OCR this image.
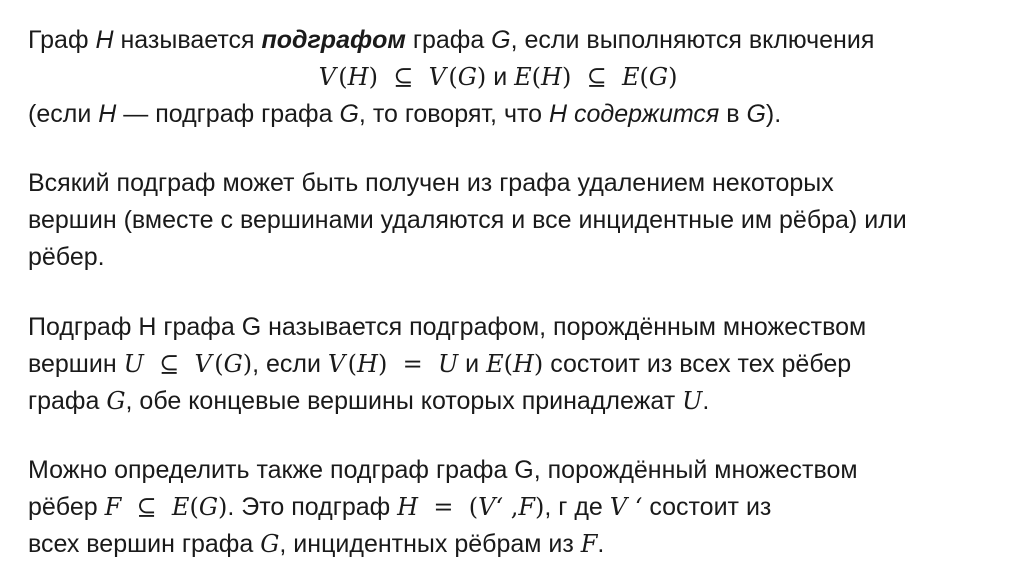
Граф H называется подграфом графа G, если выполняются включения
V (H)  ⊆ V (G) и E(H)  ⊆ E(G)
(если H — подграф графа G, то говорят, что H содержится в G).
Всякий подграф может быть получен из графа удалением некоторых
вершин (вместе с вершинами удаляются и все инцидентные им рёбра) или
рёбер.
Подграф H графа G называется подграфом, порождённым множеством
вершин U ⊆ V (G), если V (H)  = U и E(H) состоит из всех тех рёбер
графа G, обе концевые вершины которых принадлежат U.
Можно определить также подграф графа G, порождённый множеством
рёбер F ⊆ E(G). Это подграф H =  (V‘ ,F), г де V ‘ состоит из
всех вершин графа G, инцидентных рёбрам из F.
